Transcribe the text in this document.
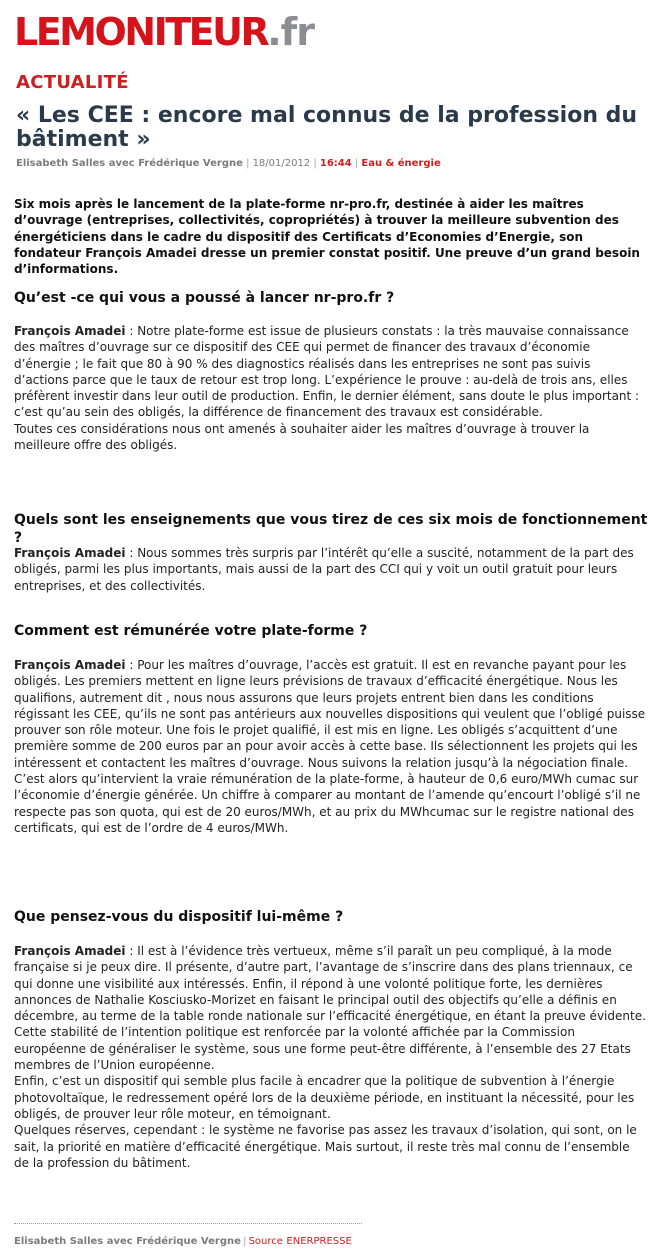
LEMONITEUR.fr
ACTUALITÉ
« Les CEE : encore mal connus de la profession du bâtiment »
Elisabeth Salles avec Frédérique Vergne | 18/01/2012 | 16:44 | Eau & énergie

Six mois après le lancement de la plate-forme nr-pro.fr, destinée à aider les maîtres d’ouvrage (entreprises, collectivités, copropriétés) à trouver la meilleure subvention des énergéticiens dans le cadre du dispositif des Certificats d’Economies d’Energie, son fondateur François Amadei dresse un premier constat positif. Une preuve d’un grand besoin d’informations.

Qu’est -ce qui vous a poussé à lancer nr-pro.fr ?
François Amadei : Notre plate-forme est issue de plusieurs constats : la très mauvaise connaissance des maîtres d’ouvrage sur ce dispositif des CEE qui permet de financer des travaux d’économie d’énergie ; le fait que 80 à 90 % des diagnostics réalisés dans les entreprises ne sont pas suivis d’actions parce que le taux de retour est trop long. L’expérience le prouve : au-delà de trois ans, elles préfèrent investir dans leur outil de production. Enfin, le dernier élément, sans doute le plus important : c’est qu’au sein des obligés, la différence de financement des travaux est considérable.
Toutes ces considérations nous ont amenés à souhaiter aider les maîtres d’ouvrage à trouver la meilleure offre des obligés.
Quels sont les enseignements que vous tirez de ces six mois de fonctionnement ?
François Amadei : Nous sommes très surpris par l’intérêt qu’elle a suscité, notamment de la part des obligés, parmi les plus importants, mais aussi de la part des CCI qui y voit un outil gratuit pour leurs entreprises, et des collectivités.
Comment est rémunérée votre plate-forme ?
François Amadei : Pour les maîtres d’ouvrage, l’accès est gratuit. Il est en revanche payant pour les obligés. Les premiers mettent en ligne leurs prévisions de travaux d’efficacité énergétique. Nous les qualifions, autrement dit , nous nous assurons que leurs projets entrent bien dans les conditions régissant les CEE, qu’ils ne sont pas antérieurs aux nouvelles dispositions qui veulent que l’obligé puisse prouver son rôle moteur. Une fois le projet qualifié, il est mis en ligne. Les obligés s’acquittent d’une première somme de 200 euros par an pour avoir accès à cette base. Ils sélectionnent les projets qui les intéressent et contactent les maîtres d’ouvrage. Nous suivons la relation jusqu’à la négociation finale. C’est alors qu’intervient la vraie rémunération de la plate-forme, à hauteur de 0,6 euro/MWh cumac sur l’économie d’énergie générée. Un chiffre à comparer au montant de l’amende qu’encourt l’obligé s’il ne respecte pas son quota, qui est de 20 euros/MWh, et au prix du MWhcumac sur le registre national des certificats, qui est de l’ordre de 4 euros/MWh.
Que pensez-vous du dispositif lui-même ?
François Amadei : Il est à l’évidence très vertueux, même s’il paraît un peu compliqué, à la mode française si je peux dire. Il présente, d’autre part, l’avantage de s’inscrire dans des plans triennaux, ce qui donne une visibilité aux intéressés. Enfin, il répond à une volonté politique forte, les dernières annonces de Nathalie Kosciusko-Morizet en faisant le principal outil des objectifs qu’elle a définis en décembre, au terme de la table ronde nationale sur l’efficacité énergétique, en étant la preuve évidente. Cette stabilité de l’intention politique est renforcée par la volonté affichée par la Commission européenne de généraliser le système, sous une forme peut-être différente, à l’ensemble des 27 Etats membres de l’Union européenne.
Enfin, c’est un dispositif qui semble plus facile à encadrer que la politique de subvention à l’énergie photovoltaïque, le redressement opéré lors de la deuxième période, en instituant la nécessité, pour les obligés, de prouver leur rôle moteur, en témoignant.
Quelques réserves, cependant : le système ne favorise pas assez les travaux d’isolation, qui sont, on le sait, la priorité en matière d’efficacité énergétique. Mais surtout, il reste très mal connu de l’ensemble de la profession du bâtiment.
Elisabeth Salles avec Frédérique Vergne | Source ENERPRESSE
